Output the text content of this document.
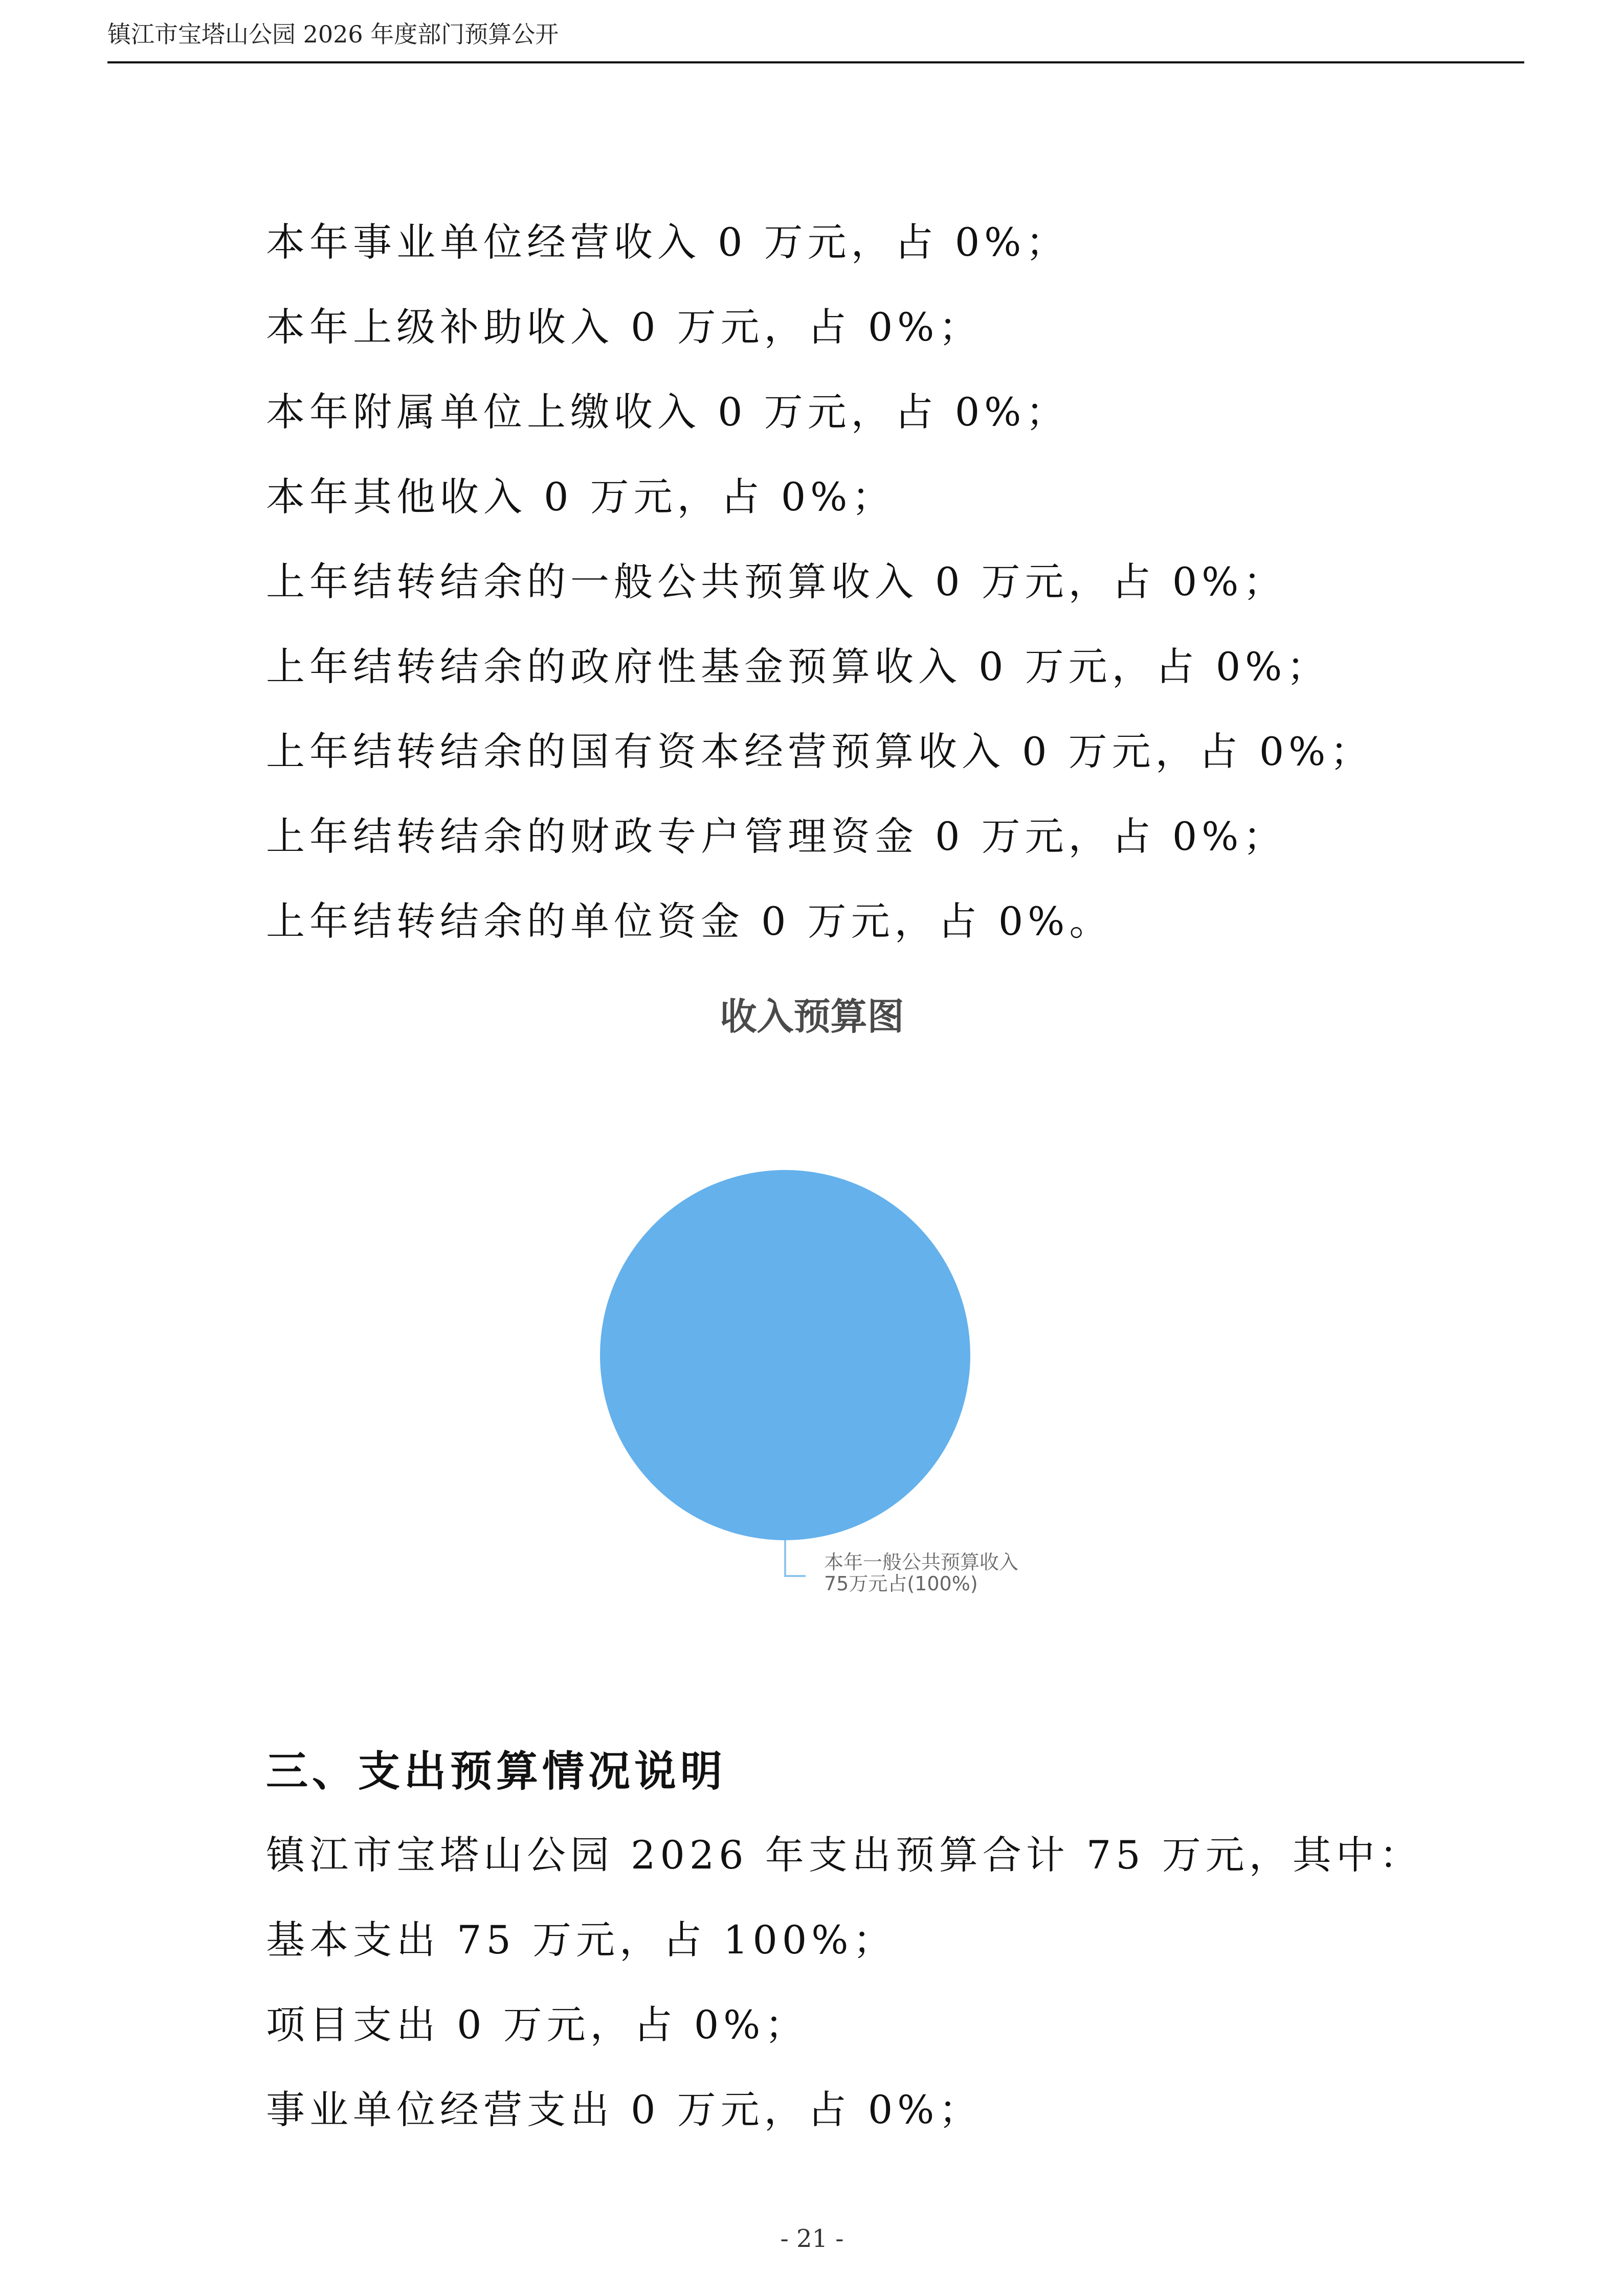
镇江市宝塔山公园 2026 年度部门预算公开
本年事业单位经营收入 0 万元，占 0%；
本年上级补助收入 0 万元，占 0%；
本年附属单位上缴收入 0 万元，占 0%；
本年其他收入 0 万元，占 0%；
上年结转结余的一般公共预算收入 0 万元，占 0%；
上年结转结余的政府性基金预算收入 0 万元，占 0%；
上年结转结余的国有资本经营预算收入 0 万元，占 0%；
上年结转结余的财政专户管理资金 0 万元，占 0%；
上年结转结余的单位资金 0 万元，占 0%。
收入预算图
本年一般公共预算收入
75万元占(100%)
三、支出预算情况说明
镇江市宝塔山公园 2026 年支出预算合计 75 万元，其中：
基本支出 75 万元，占 100%；
项目支出 0 万元，占 0%；
事业单位经营支出 0 万元，占 0%；
- 21 -
